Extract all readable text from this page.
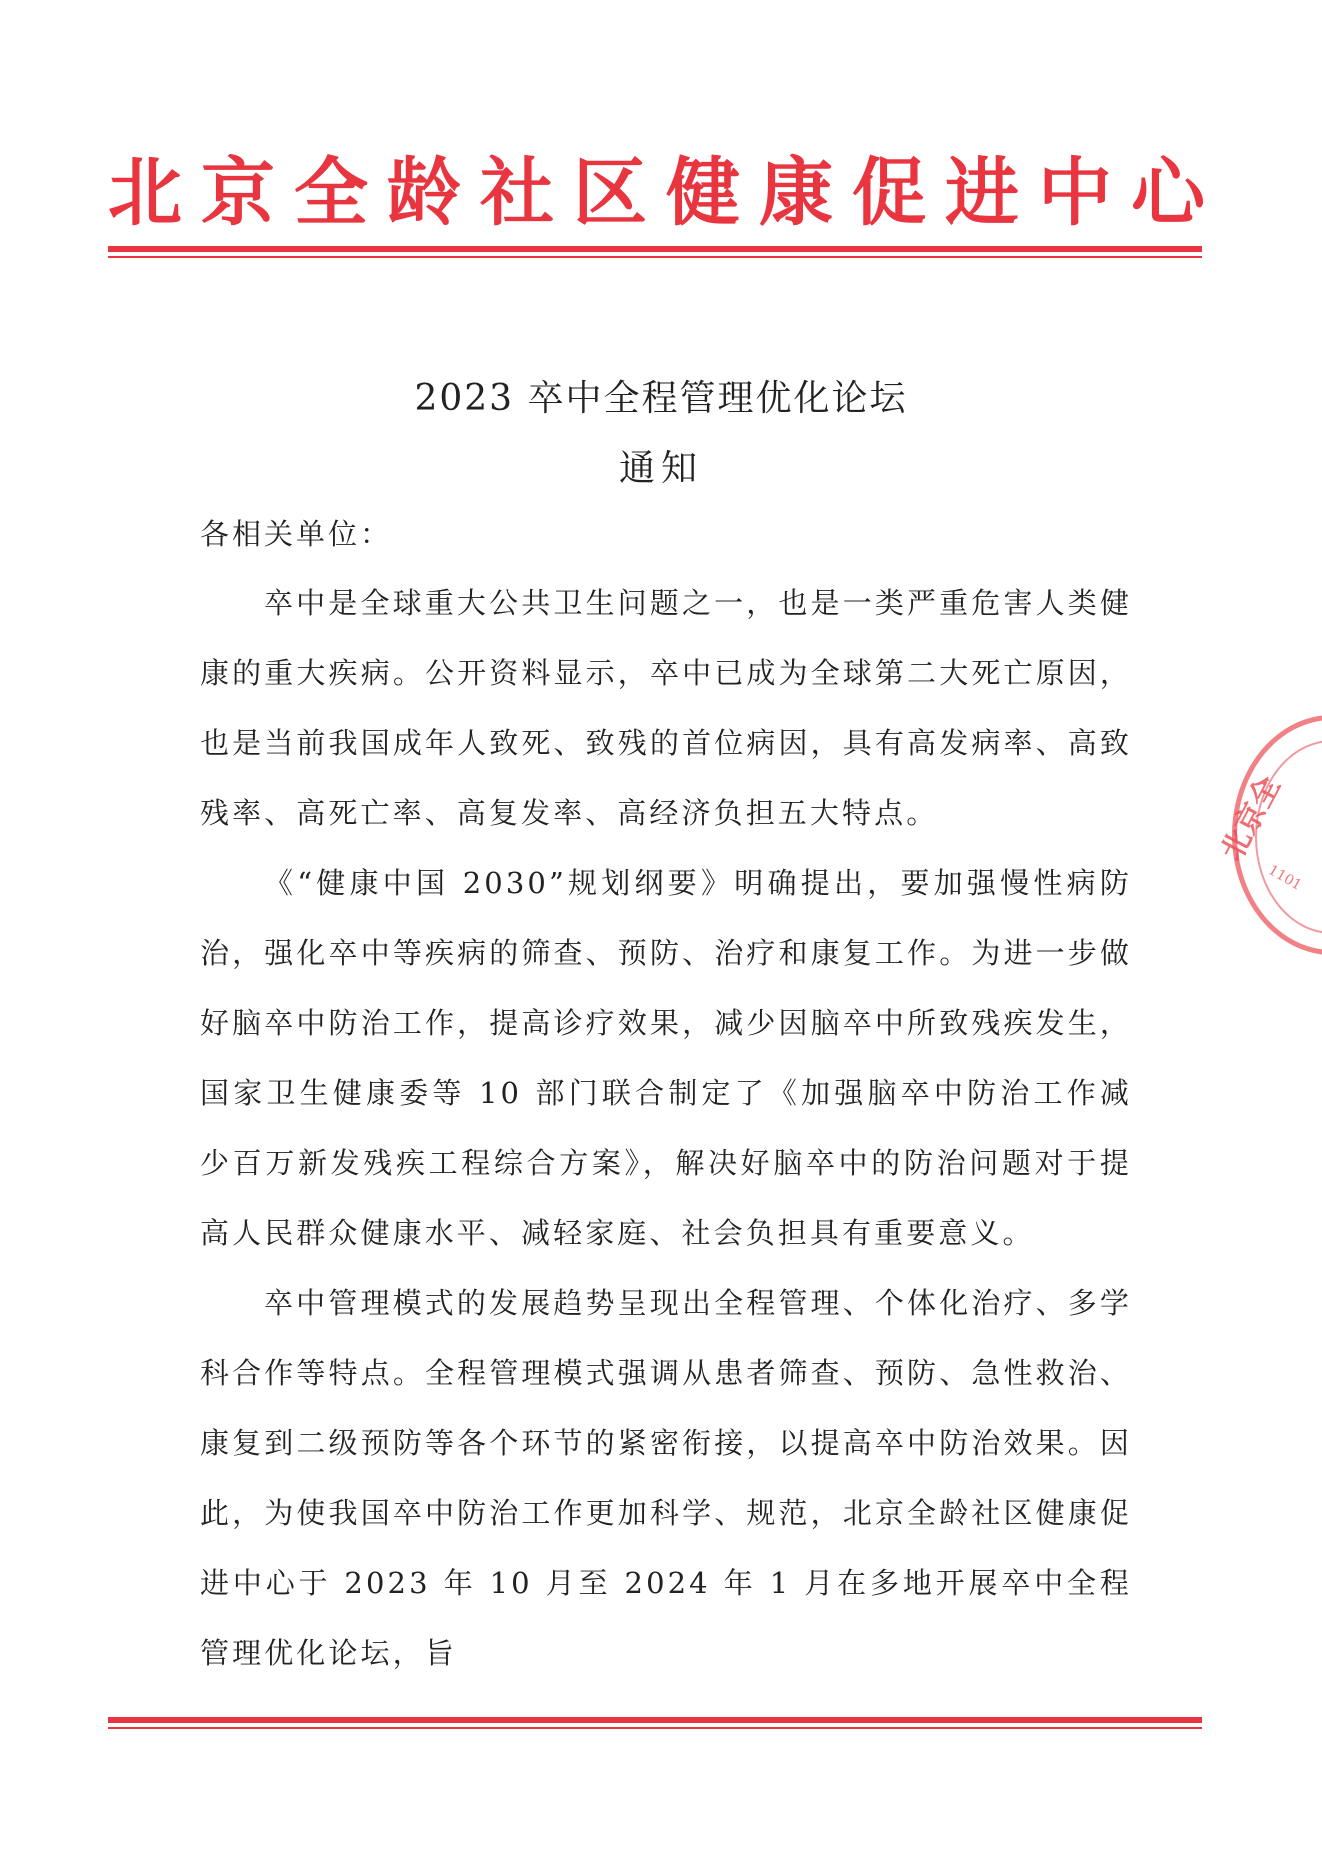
北京全龄社区健康促进中心
2023 卒中全程管理优化论坛
通知
各相关单位：

卒中是全球重大公共卫生问题之一，也是一类严重危害人类健康的重大疾病。公开资料显示，卒中已成为全球第二大死亡原因，也是当前我国成年人致死、致残的首位病因，具有高发病率、高致残率、高死亡率、高复发率、高经济负担五大特点。

《“健康中国 2030”规划纲要》明确提出，要加强慢性病防治，强化卒中等疾病的筛查、预防、治疗和康复工作。为进一步做好脑卒中防治工作，提高诊疗效果，减少因脑卒中所致残疾发生，国家卫生健康委等 10 部门联合制定了《加强脑卒中防治工作减少百万新发残疾工程综合方案》，解决好脑卒中的防治问题对于提高人民群众健康水平、减轻家庭、社会负担具有重要意义。

卒中管理模式的发展趋势呈现出全程管理、个体化治疗、多学科合作等特点。全程管理模式强调从患者筛查、预防、急性救治、康复到二级预防等各个环节的紧密衔接，以提高卒中防治效果。因此，为使我国卒中防治工作更加科学、规范，北京全龄社区健康促进中心于 2023 年 10 月至 2024 年 1 月在多地开展卒中全程管理优化论坛，旨

北京全
1101
